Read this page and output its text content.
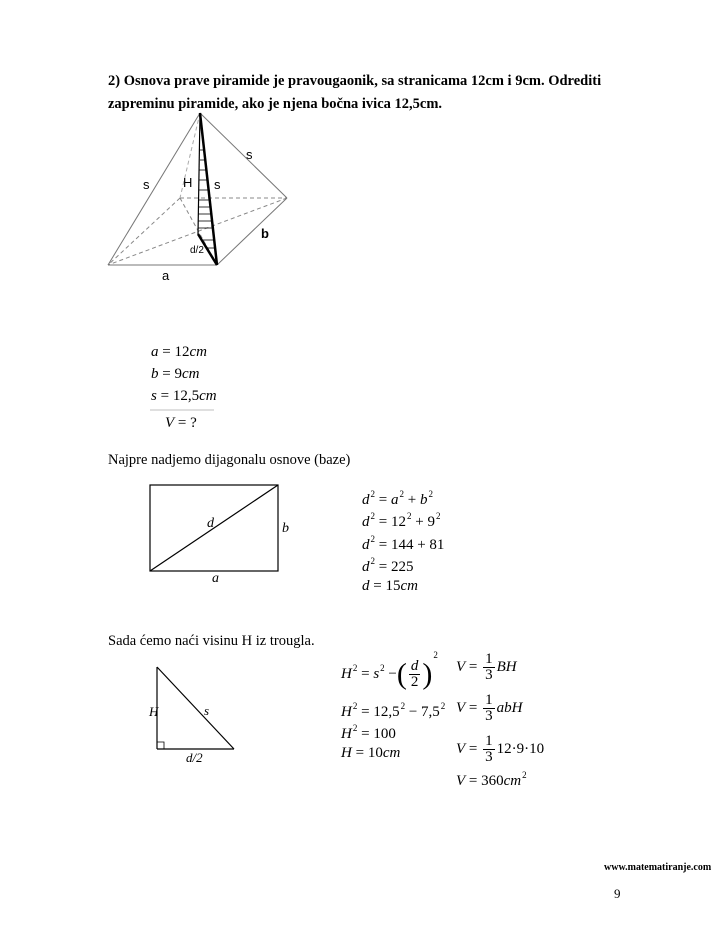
2) Osnova prave piramide je pravougaonik, sa stranicama 12cm i 9cm. Odrediti
zapreminu piramide, ako je njena bočna ivica 12,5cm.
s
s	s
H
b
d/2
a
d	b
a
H	s
d/2
a = 12cm
b = 9cm
s = 12,5cm
V = ?
Najpre nadjemo dijagonalu osnove (baze)
$d^2 = a^2 + b^2$
$d^2 = 12^2 + 9^2$
$d^2 = 144 + 81$
$d^2 = 225$
d = 15cm
Sada ćemo naći visinu H iz trougla.
$H^2 = s^2$ −( $\frac{d}{2} )^2$
$H^2 = 12,5^2 - 7,5^2$
$H^2 = 100$
H = 10cm
$V = \frac{1}{3}$ BH
$V = \frac{1}{3}$ abH
$V = \frac{1}{3} 12\cdot 9\cdot 10$
$V = 360cm^2$
www.matematiranje.com
9
